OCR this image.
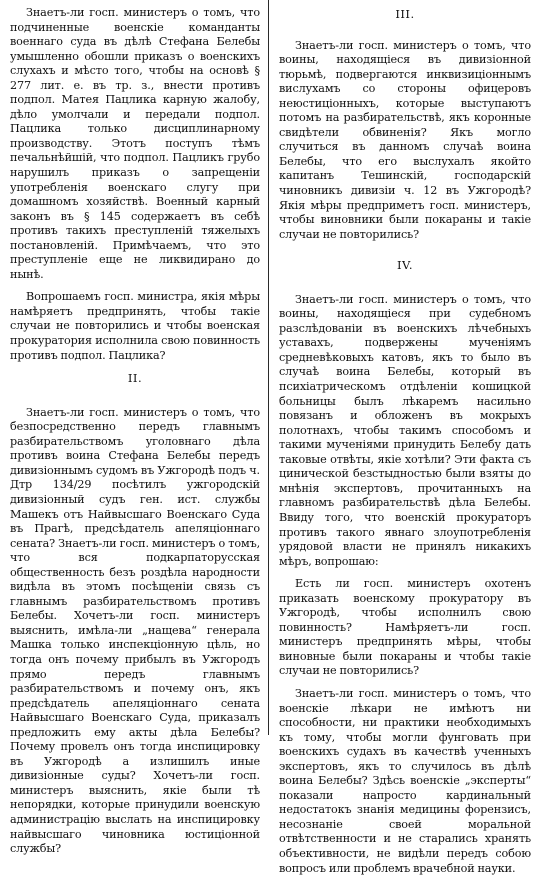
Знаетъ-ли госп. министеръ о томъ, что подчиненные военскіе команданты военнаго суда въ дѣлѣ Стефана Белебы умышленно обошли приказъ о военскихъ слухахъ и мѣсто того, чтобы на основѣ § 277 лит. е. въ тр. з., внести противъ подпол. Матея Пацлика карную жалобу, дѣло умолчали и передали подпол. Пацлика только дисциплинарному производству. Этотъ поступъ тѣмъ печальнѣйшій, что подпол. Пацликъ грубо нарушилъ приказъ о запрещеніи употребленія военскаго слугу при домашномъ хозяйствѣ. Военный карный законъ въ § 145 содержаетъ въ себѣ противъ такихъ преступленій тяжелыхъ постановленій. Примѣчаемъ, что это преступленіе еще не ликвидирано до нынѣ.

Вопрошаемъ госп. министра, якія мѣры намѣряетъ предпринять, чтобы такіе случаи не повторились и чтобы военская прокуратория исполнила свою повинность противъ подпол. Пацлика?

II.

Знаетъ-ли госп. министеръ о томъ, что безпосредственно передъ главнымъ разбирательствомъ уголовнаго дѣла противъ воина Стефана Белебы передъ дивизіоннымъ судомъ въ Ужгородѣ подъ ч. Дтр 134/29 посѣтилъ ужгородскій дивизіонный судъ ген. ист. службы Машекъ отъ Найвысшаго Военскаго Суда въ Прагѣ, предсѣдатель апеляціоннаго сената? Знаетъ-ли госп. министеръ о томъ, что вся подкарпаторусская общественность безъ роздѣла народности видѣла въ этомъ посѣщеніи связь съ главнымъ разбирательствомъ противъ Белебы. Хочетъ-ли госп. министеръ выяснить, имѣла-ли „нащева“ генерала Машка только инспекціонную цѣль, но тогда онъ почему прибылъ въ Ужгородъ прямо передъ главнымъ разбирательствомъ и почему онъ, якъ предсѣдатель апеляціоннаго сената Найвысшаго Военскаго Суда, приказалъ предложить ему акты дѣла Белебы? Почему провелъ онъ тогда инспицировку въ Ужгородѣ а излишилъ иные дивизіонные суды? Хочетъ-ли госп. министеръ выяснить, якіе были тѣ непорядки, которые принудили военскую администрацію выслать на инспицировку найвысшаго чиновника юстиціонной службы?

III.

Знаетъ-ли госп. министеръ о томъ, что воины, находящіеся въ дивизіонной тюрьмѣ, подвергаются инквизиціоннымъ вислухамъ со стороны офицеровъ неюстиціонныхъ, которые выступаютъ потомъ на разбирательствѣ, якъ коронные свидѣтели обвиненія? Якъ могло случиться въ данномъ случаѣ воина Белебы, что его выслухалъ якойто капитанъ Тешинскій, господарскій чиновникъ дивизіи ч. 12 въ Ужгородѣ? Якія мѣры предприметъ госп. министеръ, чтобы виновники были покараны и такіе случаи не повторились?

IV.

Знаетъ-ли госп. министеръ о томъ, что воины, находящіеся при судебномъ разслѣдованіи въ военскихъ лѣчебныхъ уставахъ, подвержены мученіямъ средневѣковыхъ катовъ, якъ то было въ случаѣ воина Белебы, который въ психіатрическомъ отдѣленіи кошицкой больницы былъ лѣкаремъ насильно повязанъ и обложенъ въ мокрыхъ полотнахъ, чтобы такимъ способомъ и такими мученіями принудить Белебу дать таковые отвѣты, якіе хотѣли? Эти факта съ цинической безстыдностью были взяты до мнѣнія экспертовъ, прочитанныхъ на главномъ разбирательствѣ дѣла Белебы. Ввиду того, что военскій прокураторъ противъ такого явнаго злоупотребленія урядовой власти не принялъ никакихъ мѣръ, вопрошаю:

Есть ли госп. министеръ охотенъ приказать военскому прокуратору въ Ужгородѣ, чтобы исполнилъ свою повинность? Намѣряетъ-ли госп. министеръ предпринять мѣры, чтобы виновные были покараны и чтобы такіе случаи не повторились?

Знаетъ-ли госп. министеръ о томъ, что военскіе лѣкари не имѣютъ ни способности, ни практики необходимыхъ къ тому, чтобы могли фунговать при военскихъ судахъ въ качествѣ ученныхъ экспертовъ, якъ то случилось въ дѣлѣ воина Белебы? Здѣсь военскіе „эксперты“ показали напросто кардинальный недостатокъ знанія медицины форензисъ, несознаніе своей моральной отвѣтственности и не старались хранять объективности, не видѣли передъ собою вопросъ или проблемъ врачебной науки.
